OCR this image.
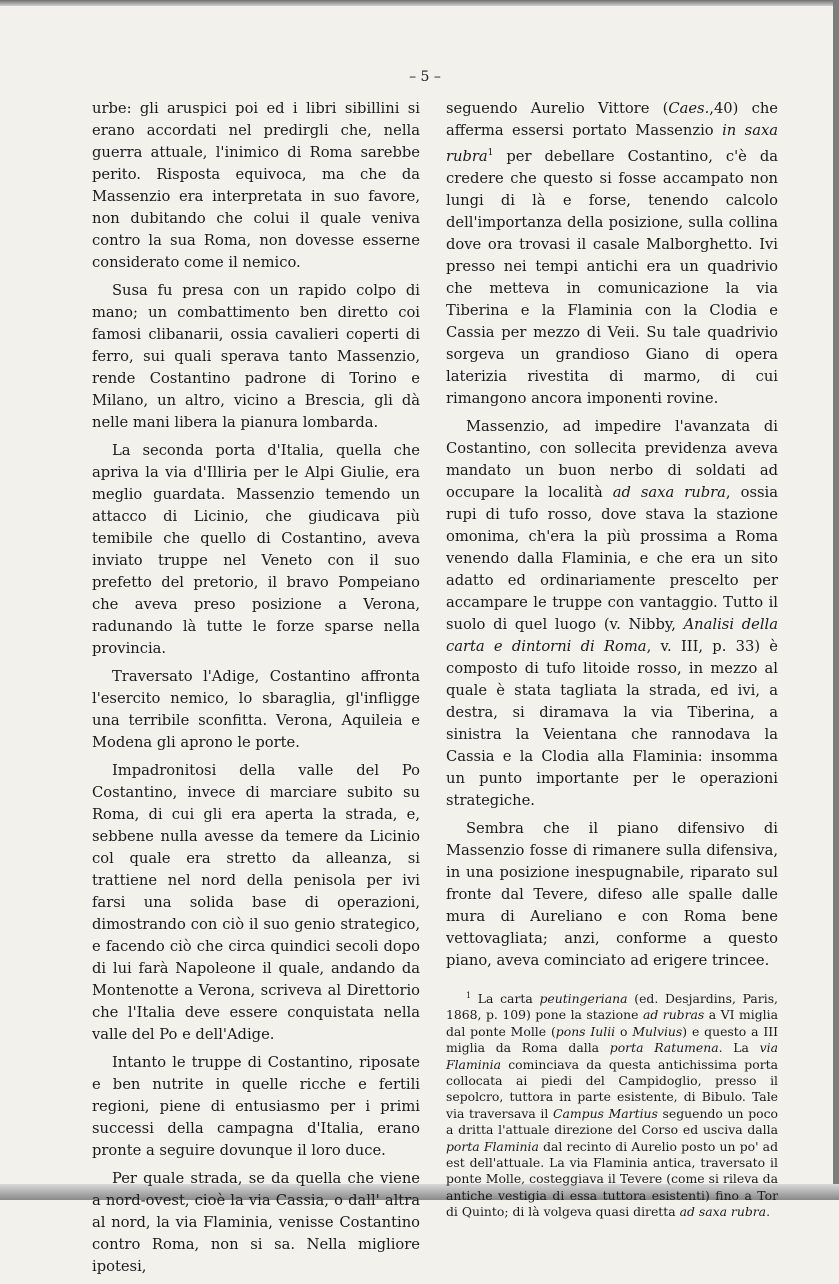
– 5 –

urbe: gli aruspici poi ed i libri sibillini si erano accordati nel predirgli che, nella guerra attuale, l'inimico di Roma sarebbe perito. Risposta equivoca, ma che da Massenzio era interpretata in suo favore, non dubitando che colui il quale veniva contro la sua Roma, non dovesse esserne considerato come il nemico.

Susa fu presa con un rapido colpo di mano; un combattimento ben diretto coi famosi clibanarii, ossia cavalieri coperti di ferro, sui quali sperava tanto Massenzio, rende Costantino padrone di Torino e Milano, un altro, vicino a Brescia, gli dà nelle mani libera la pianura lombarda.

La seconda porta d'Italia, quella che apriva la via d'Illiria per le Alpi Giulie, era meglio guardata. Massenzio temendo un attacco di Licinio, che giudicava più temibile che quello di Costantino, aveva inviato truppe nel Veneto con il suo prefetto del pretorio, il bravo Pompeiano che aveva preso posizione a Verona, radunando là tutte le forze sparse nella provincia.

Traversato l'Adige, Costantino affronta l'esercito nemico, lo sbaraglia, gl'infligge una terribile sconfitta. Verona, Aquileia e Modena gli aprono le porte.

Impadronitosi della valle del Po Costantino, invece di marciare subito su Roma, di cui gli era aperta la strada, e, sebbene nulla avesse da temere da Licinio col quale era stretto da alleanza, si trattiene nel nord della penisola per ivi farsi una solida base di operazioni, dimostrando con ciò il suo genio strategico, e facendo ciò che circa quindici secoli dopo di lui farà Napoleone il quale, andando da Montenotte a Verona, scriveva al Direttorio che l'Italia deve essere conquistata nella valle del Po e dell'Adige.

Intanto le truppe di Costantino, riposate e ben nutrite in quelle ricche e fertili regioni, piene di entusiasmo per i primi successi della campagna d'Italia, erano pronte a seguire dovunque il loro duce.

Per quale strada, se da quella che viene a nord-ovest, cioè la via Cassia, o dall' altra al nord, la via Flaminia, venisse Costantino contro Roma, non si sa. Nella migliore ipotesi,

seguendo Aurelio Vittore (Caes.,40) che afferma essersi portato Massenzio in saxa rubra$^1$ per debellare Costantino, c'è da credere che questo si fosse accampato non lungi di là e forse, tenendo calcolo dell'importanza della posizione, sulla collina dove ora trovasi il casale Malborghetto. Ivi presso nei tempi antichi era un quadrivio che metteva in comunicazione la via Tiberina e la Flaminia con la Clodia e Cassia per mezzo di Veii. Su tale quadrivio sorgeva un grandioso Giano di opera laterizia rivestita di marmo, di cui rimangono ancora imponenti rovine.

Massenzio, ad impedire l'avanzata di Costantino, con sollecita previdenza aveva mandato un buon nerbo di soldati ad occupare la località ad saxa rubra, ossia rupi di tufo rosso, dove stava la stazione omonima, ch'era la più prossima a Roma venendo dalla Flaminia, e che era un sito adatto ed ordinariamente prescelto per accampare le truppe con vantaggio. Tutto il suolo di quel luogo (v. Nibby, Analisi della carta e dintorni di Roma, v. III, p. 33) è composto di tufo litoide rosso, in mezzo al quale è stata tagliata la strada, ed ivi, a destra, si diramava la via Tiberina, a sinistra la Veientana che rannodava la Cassia e la Clodia alla Flaminia: insomma un punto importante per le operazioni strategiche.

Sembra che il piano difensivo di Massenzio fosse di rimanere sulla difensiva, in una posizione inespugnabile, riparato sul fronte dal Tevere, difeso alle spalle dalle mura di Aureliano e con Roma bene vettovagliata; anzi, conforme a questo piano, aveva cominciato ad erigere trincee.

$^1$ La carta peutingeriana (ed. Desjardins, Paris, 1868, p. 109) pone la stazione ad rubras a VI miglia dal ponte Molle (pons Iulii o Mulvius) e questo a III miglia da Roma dalla porta Ratumena. La via Flaminia cominciava da questa antichissima porta collocata ai piedi del Campidoglio, presso il sepolcro, tuttora in parte esistente, di Bibulo. Tale via traversava il Campus Martius seguendo un poco a dritta l'attuale direzione del Corso ed usciva dalla porta Flaminia dal recinto di Aurelio posto un po' ad est dell'attuale. La via Flaminia antica, traversato il ponte Molle, costeggiava il Tevere (come si rileva da antiche vestigia di essa tuttora esistenti) fino a Tor di Quinto; di là volgeva quasi diretta ad saxa rubra.
